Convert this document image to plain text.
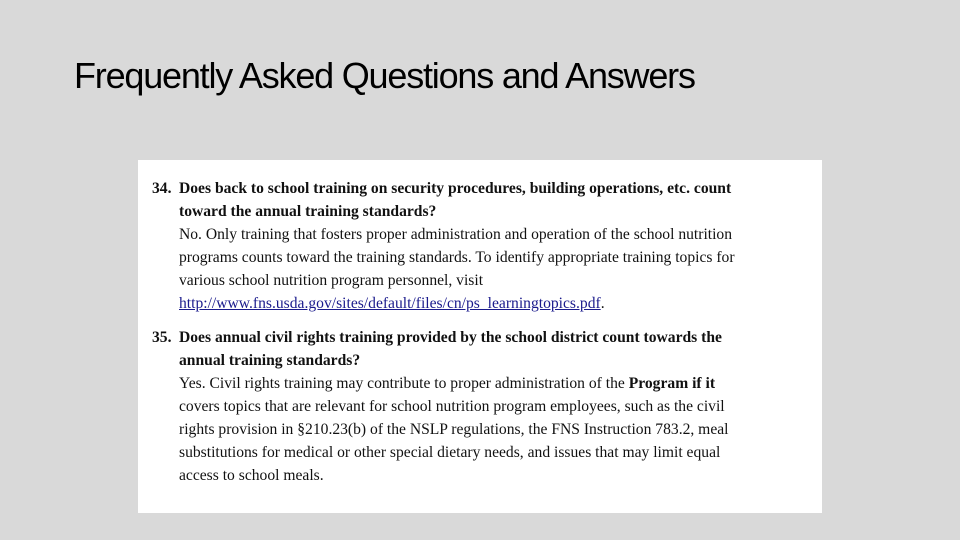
Frequently Asked Questions and Answers
34. Does back to school training on security procedures, building operations, etc. count
toward the annual training standards?
No. Only training that fosters proper administration and operation of the school nutrition
programs counts toward the training standards. To identify appropriate training topics for
various school nutrition program personnel, visit
http://www.fns.usda.gov/sites/default/files/cn/ps_learningtopics.pdf.
35. Does annual civil rights training provided by the school district count towards the
annual training standards?
Yes. Civil rights training may contribute to proper administration of the Program if it
covers topics that are relevant for school nutrition program employees, such as the civil
rights provision in §210.23(b) of the NSLP regulations, the FNS Instruction 783.2, meal
substitutions for medical or other special dietary needs, and issues that may limit equal
access to school meals.
